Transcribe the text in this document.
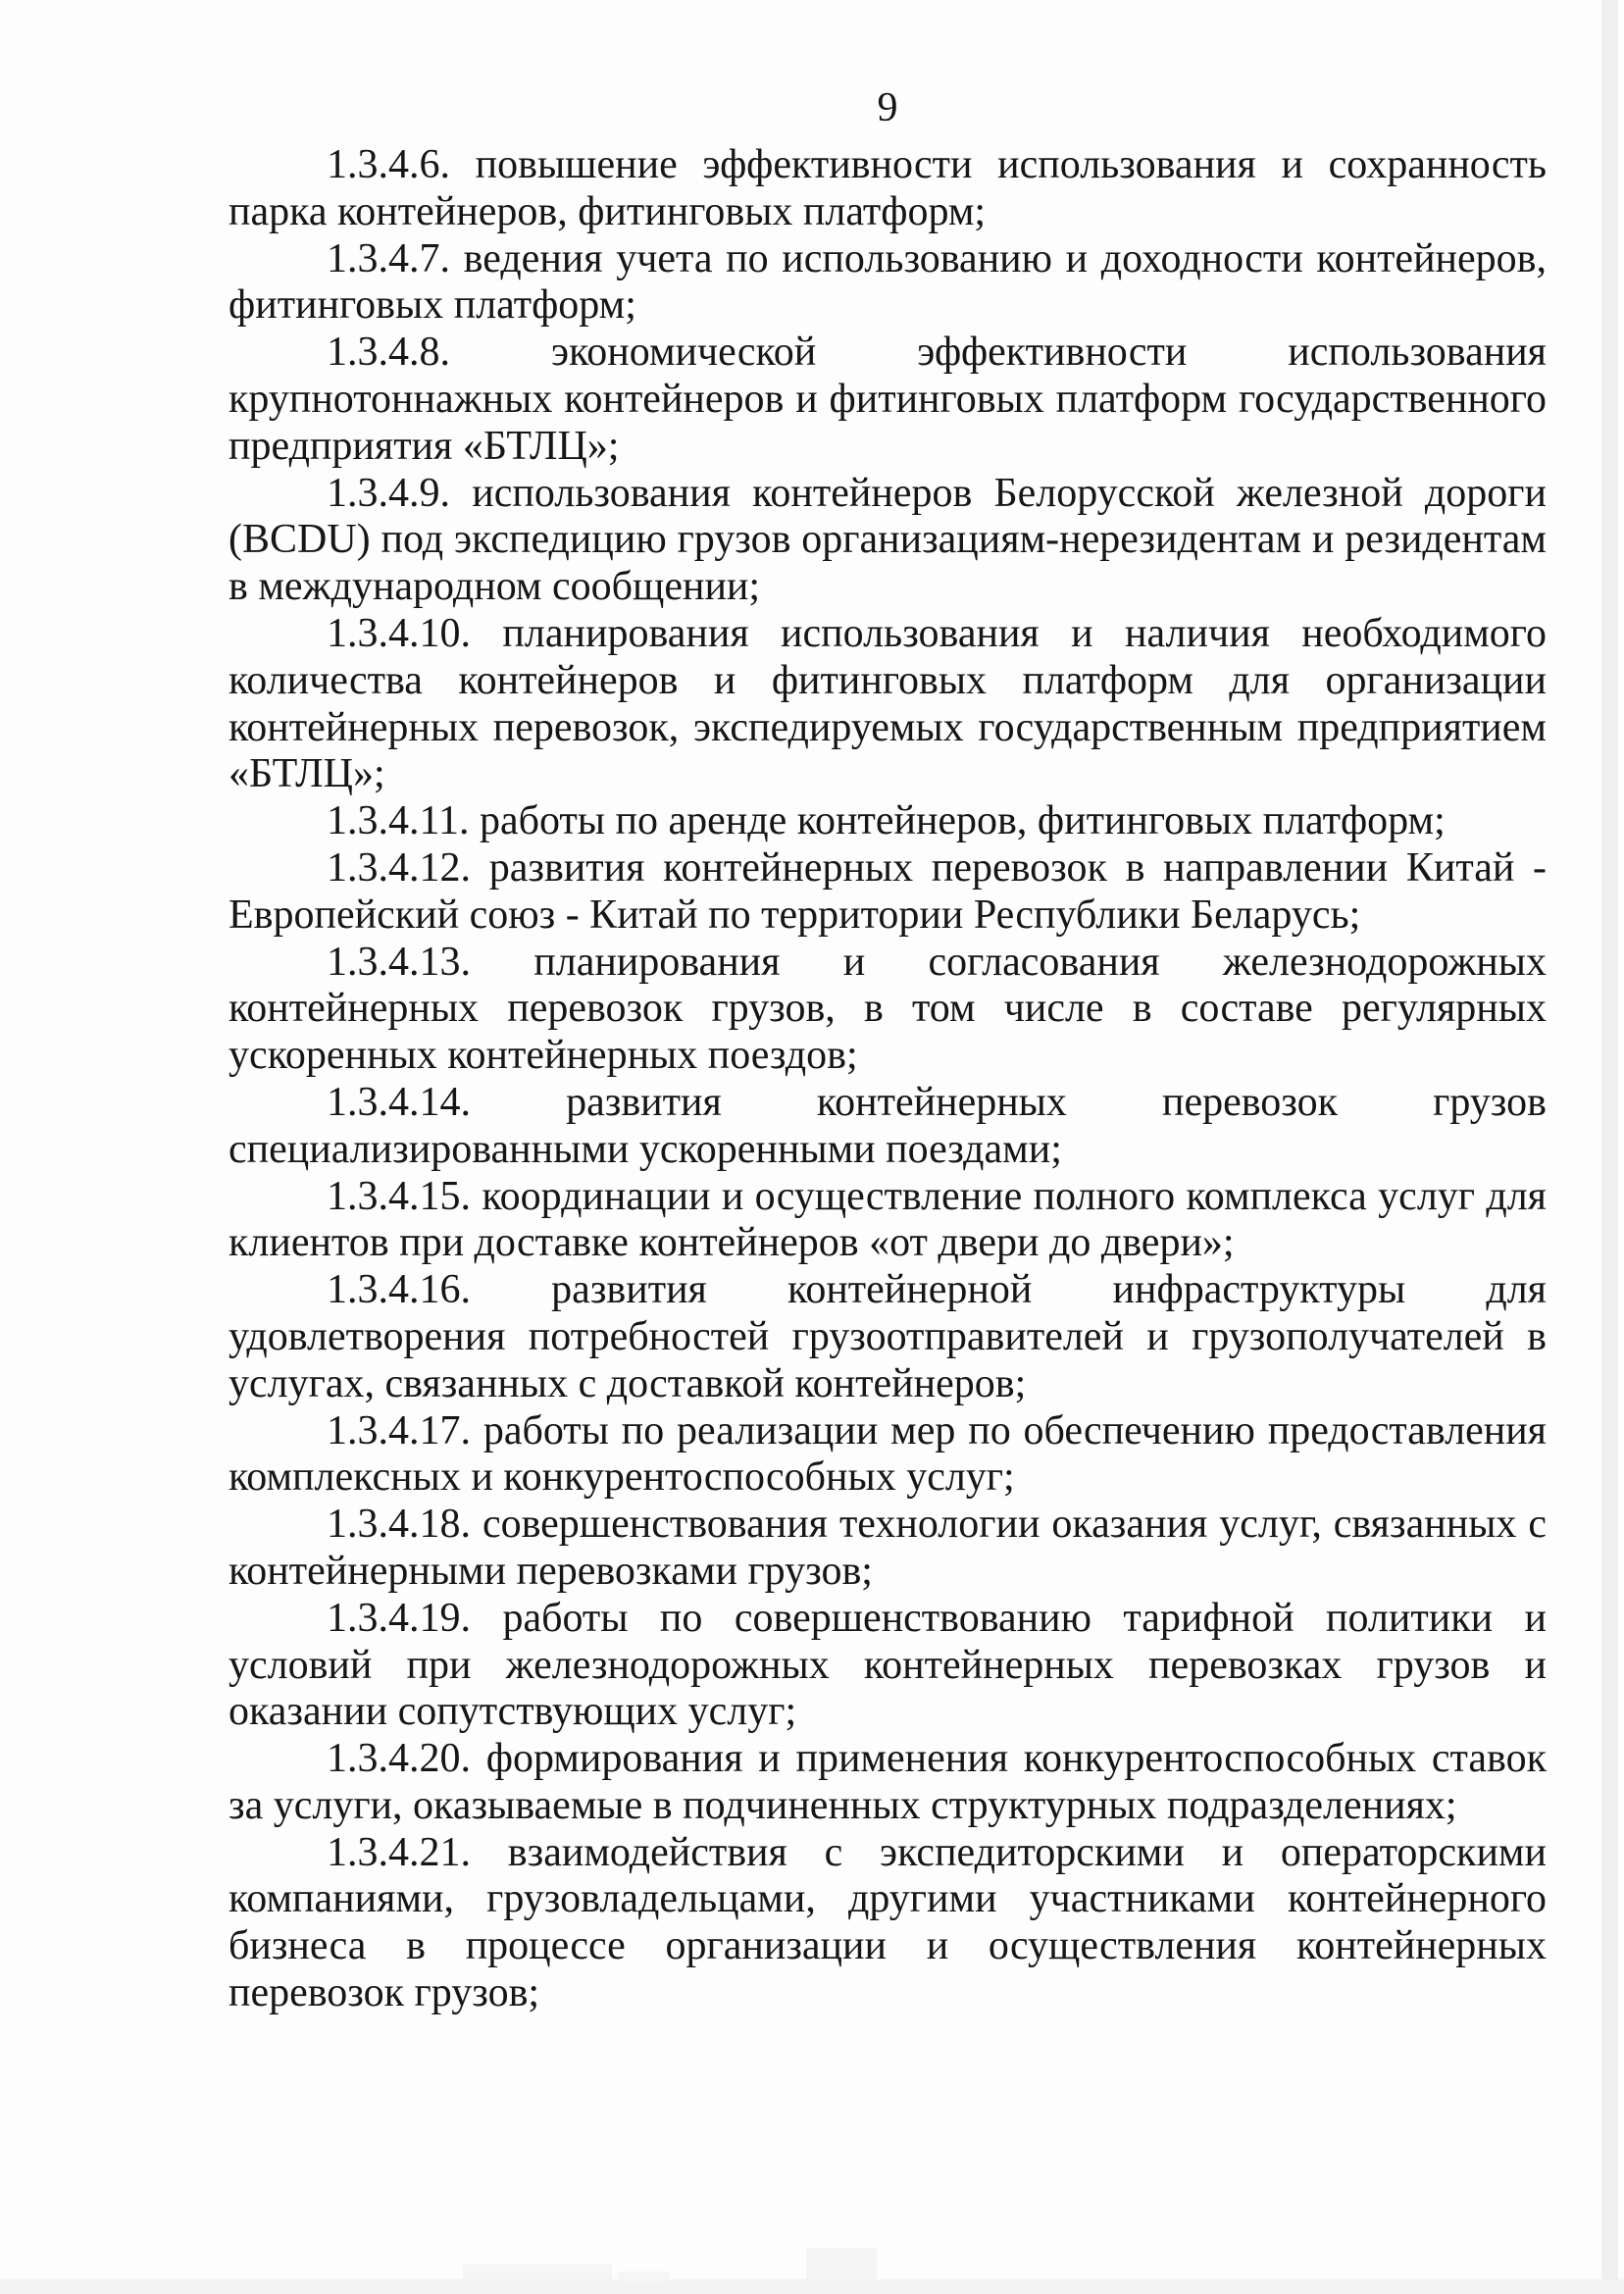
9
1.3.4.6. повышение эффективности использования и сохранность
парка контейнеров, фитинговых платформ;
1.3.4.7. ведения учета по использованию и доходности контейнеров,
фитинговых платформ;
1.3.4.8. экономической эффективности использования
крупнотоннажных контейнеров и фитинговых платформ государственного
предприятия «БТЛЦ»;
1.3.4.9. использования контейнеров Белорусской железной дороги
(BCDU) под экспедицию грузов организациям-нерезидентам и резидентам
в международном сообщении;
1.3.4.10. планирования использования и наличия необходимого
количества контейнеров и фитинговых платформ для организации
контейнерных перевозок, экспедируемых государственным предприятием
«БТЛЦ»;
1.3.4.11. работы по аренде контейнеров, фитинговых платформ;
1.3.4.12. развития контейнерных перевозок в направлении Китай -
Европейский союз - Китай по территории Республики Беларусь;
1.3.4.13. планирования и согласования железнодорожных
контейнерных перевозок грузов, в том числе в составе регулярных
ускоренных контейнерных поездов;
1.3.4.14. развития контейнерных перевозок грузов
специализированными ускоренными поездами;
1.3.4.15. координации и осуществление полного комплекса услуг для
клиентов при доставке контейнеров «от двери до двери»;
1.3.4.16. развития контейнерной инфраструктуры для
удовлетворения потребностей грузоотправителей и грузополучателей в
услугах, связанных с доставкой контейнеров;
1.3.4.17. работы по реализации мер по обеспечению предоставления
комплексных и конкурентоспособных услуг;
1.3.4.18. совершенствования технологии оказания услуг, связанных с
контейнерными перевозками грузов;
1.3.4.19. работы по совершенствованию тарифной политики и
условий при железнодорожных контейнерных перевозках грузов и
оказании сопутствующих услуг;
1.3.4.20. формирования и применения конкурентоспособных ставок
за услуги, оказываемые в подчиненных структурных подразделениях;
1.3.4.21. взаимодействия с экспедиторскими и операторскими
компаниями, грузовладельцами, другими участниками контейнерного
бизнеса в процессе организации и осуществления контейнерных
перевозок грузов;
